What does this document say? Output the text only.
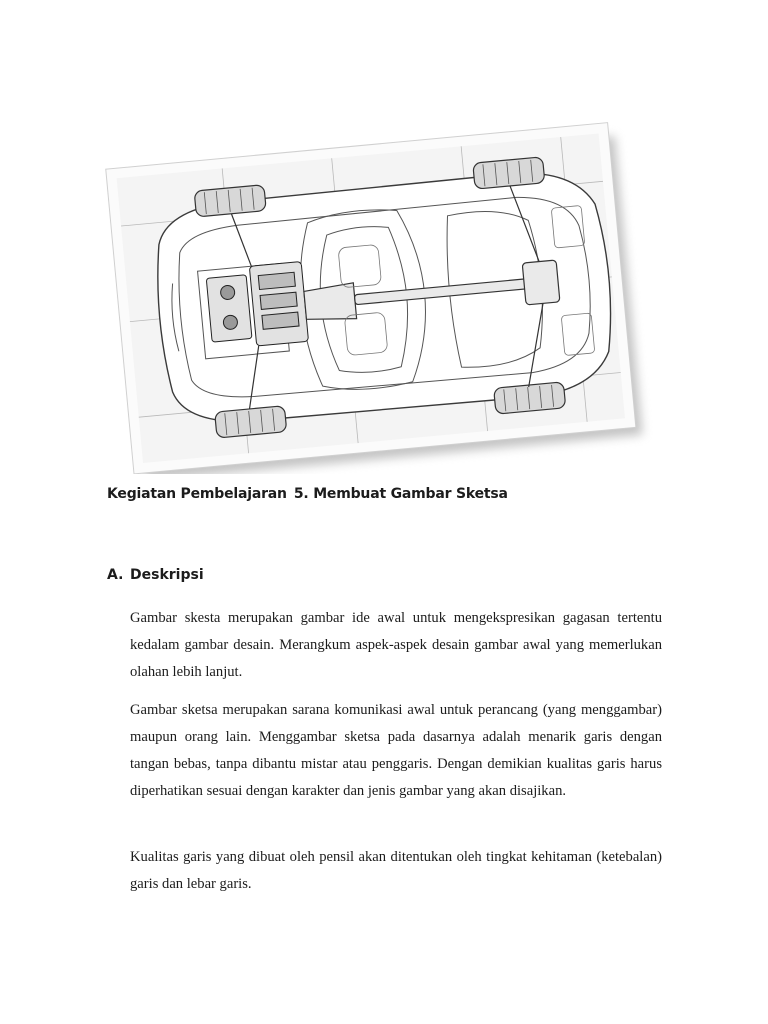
Kegiatan Pembelajaran 5. Membuat Gambar Sketsa
A. Deskripsi

Gambar skesta merupakan gambar ide awal untuk mengekspresikan gagasan tertentu kedalam gambar desain. Merangkum aspek-aspek desain gambar awal yang memerlukan olahan lebih lanjut.

Gambar sketsa merupakan sarana komunikasi awal untuk perancang (yang menggambar) maupun orang lain. Menggambar sketsa pada dasarnya adalah menarik garis dengan tangan bebas, tanpa dibantu mistar atau penggaris. Dengan demikian kualitas garis harus diperhatikan sesuai dengan karakter dan jenis gambar yang akan disajikan.

Kualitas garis yang dibuat oleh pensil akan ditentukan oleh tingkat kehitaman (ketebalan) garis dan lebar garis.
